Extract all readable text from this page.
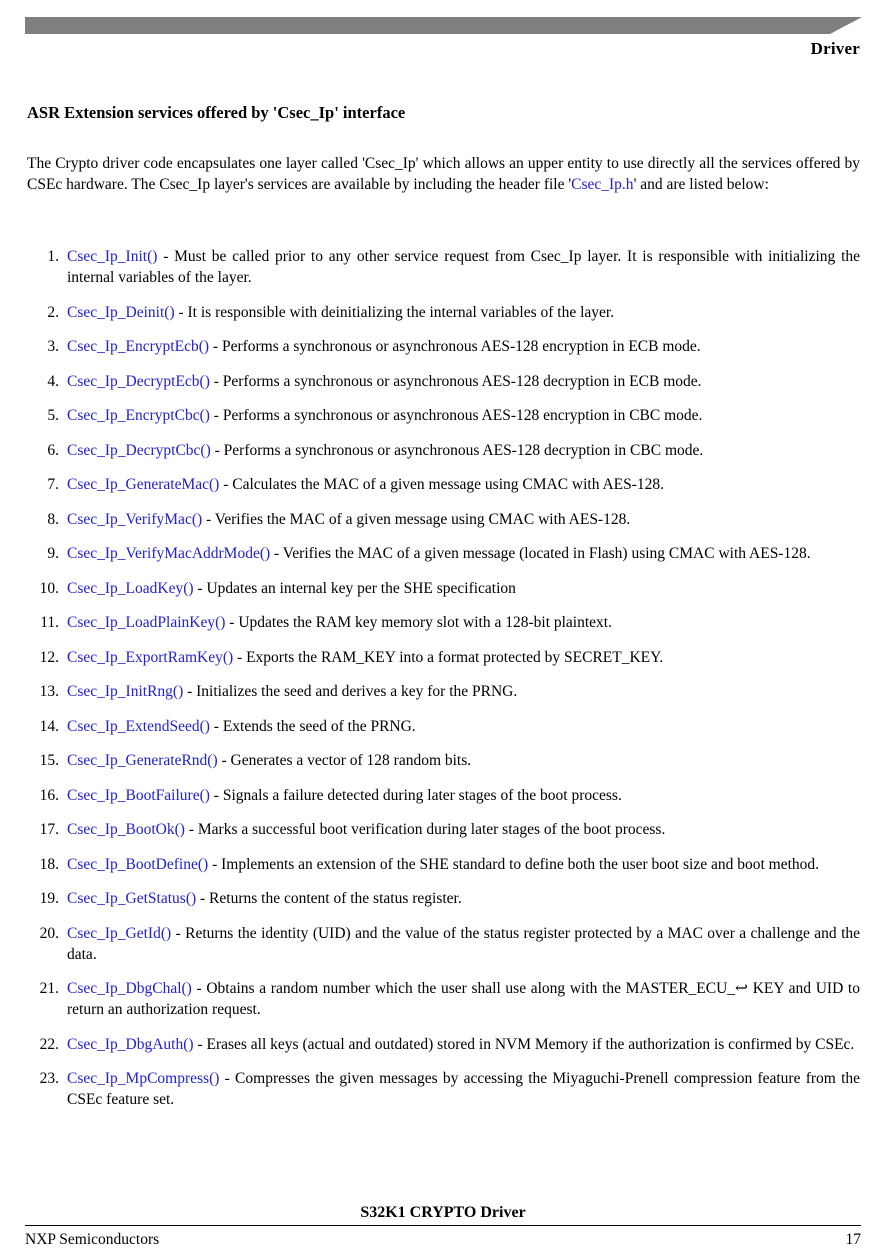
Driver
ASR Extension services offered by 'Csec_Ip' interface

The Crypto driver code encapsulates one layer called 'Csec_Ip' which allows an upper entity to use directly all the services offered by CSEc hardware. The Csec_Ip layer's services are available by including the header file 'Csec_Ip.h' and are listed below:

1. Csec_Ip_Init() - Must be called prior to any other service request from Csec_Ip layer. It is responsible with initializing the internal variables of the layer.
2. Csec_Ip_Deinit() - It is responsible with deinitializing the internal variables of the layer.
3. Csec_Ip_EncryptEcb() - Performs a synchronous or asynchronous AES-128 encryption in ECB mode.
4. Csec_Ip_DecryptEcb() - Performs a synchronous or asynchronous AES-128 decryption in ECB mode.
5. Csec_Ip_EncryptCbc() - Performs a synchronous or asynchronous AES-128 encryption in CBC mode.
6. Csec_Ip_DecryptCbc() - Performs a synchronous or asynchronous AES-128 decryption in CBC mode.
7. Csec_Ip_GenerateMac() - Calculates the MAC of a given message using CMAC with AES-128.
8. Csec_Ip_VerifyMac() - Verifies the MAC of a given message using CMAC with AES-128.
9. Csec_Ip_VerifyMacAddrMode() - Verifies the MAC of a given message (located in Flash) using CMAC with AES-128.
10. Csec_Ip_LoadKey() - Updates an internal key per the SHE specification
11. Csec_Ip_LoadPlainKey() - Updates the RAM key memory slot with a 128-bit plaintext.
12. Csec_Ip_ExportRamKey() - Exports the RAM_KEY into a format protected by SECRET_KEY.
13. Csec_Ip_InitRng() - Initializes the seed and derives a key for the PRNG.
14. Csec_Ip_ExtendSeed() - Extends the seed of the PRNG.
15. Csec_Ip_GenerateRnd() - Generates a vector of 128 random bits.
16. Csec_Ip_BootFailure() - Signals a failure detected during later stages of the boot process.
17. Csec_Ip_BootOk() - Marks a successful boot verification during later stages of the boot process.
18. Csec_Ip_BootDefine() - Implements an extension of the SHE standard to define both the user boot size and boot method.
19. Csec_Ip_GetStatus() - Returns the content of the status register.
20. Csec_Ip_GetId() - Returns the identity (UID) and the value of the status register protected by a MAC over a challenge and the data.
21. Csec_Ip_DbgChal() - Obtains a random number which the user shall use along with the MASTER_ECU_↩ KEY and UID to return an authorization request.
22. Csec_Ip_DbgAuth() - Erases all keys (actual and outdated) stored in NVM Memory if the authorization is confirmed by CSEc.
23. Csec_Ip_MpCompress() - Compresses the given messages by accessing the Miyaguchi-Prenell compression feature from the CSEc feature set.
S32K1 CRYPTO Driver
NXP Semiconductors	17
